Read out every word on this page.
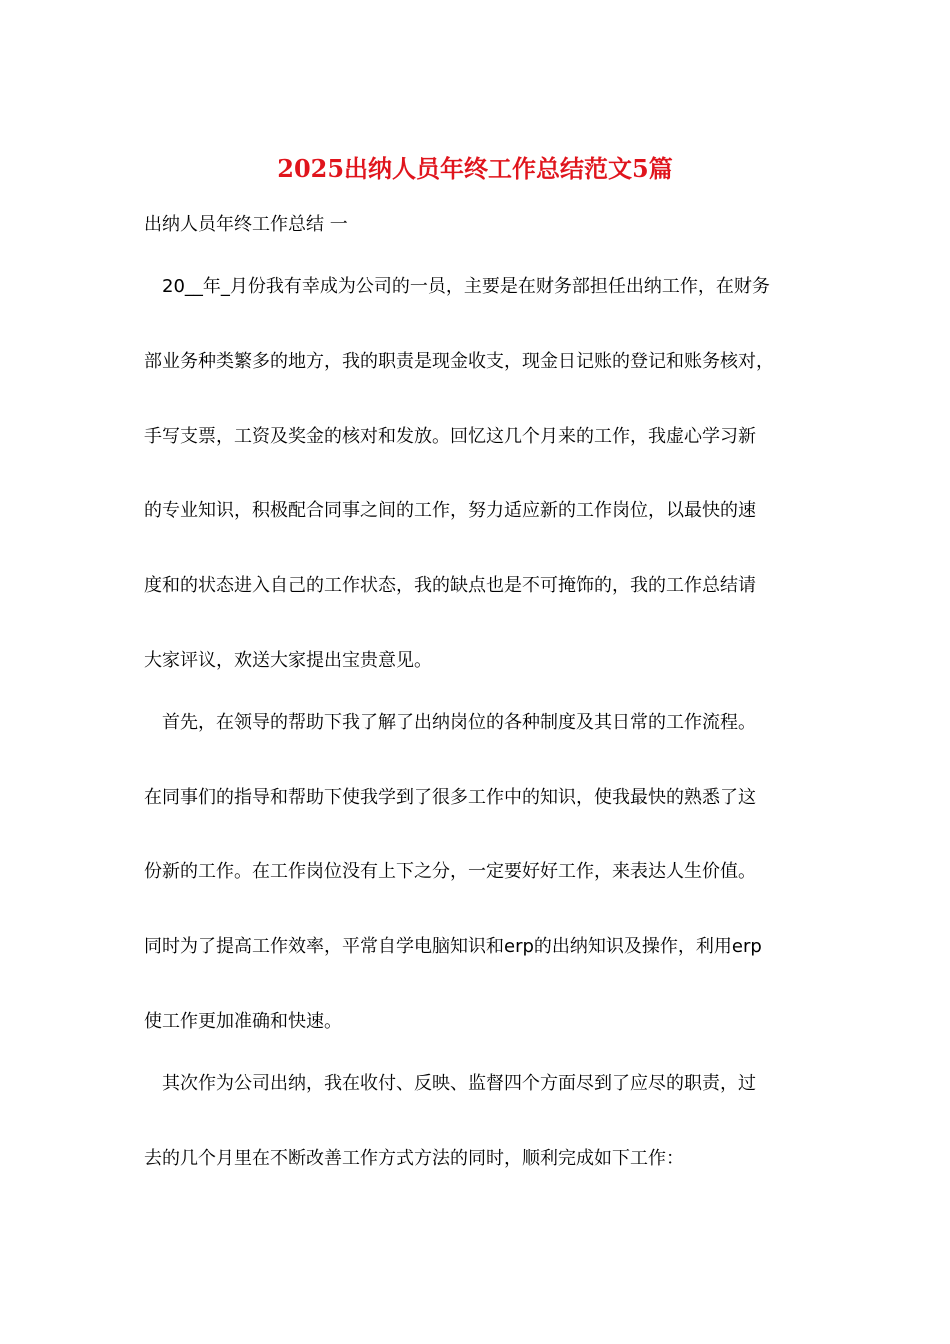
2025出纳人员年终工作总结范文5篇
出纳人员年终工作总结 一
20__年_月份我有幸成为公司的一员，主要是在财务部担任出纳工作，在财务
部业务种类繁多的地方，我的职责是现金收支，现金日记账的登记和账务核对，
手写支票，工资及奖金的核对和发放。回忆这几个月来的工作，我虚心学习新
的专业知识，积极配合同事之间的工作，努力适应新的工作岗位，以最快的速
度和的状态进入自己的工作状态，我的缺点也是不可掩饰的，我的工作总结请
大家评议，欢送大家提出宝贵意见。
首先，在领导的帮助下我了解了出纳岗位的各种制度及其日常的工作流程。
在同事们的指导和帮助下使我学到了很多工作中的知识，使我最快的熟悉了这
份新的工作。在工作岗位没有上下之分，一定要好好工作，来表达人生价值。
同时为了提高工作效率，平常自学电脑知识和erp的出纳知识及操作，利用erp
使工作更加准确和快速。
其次作为公司出纳，我在收付、反映、监督四个方面尽到了应尽的职责，过
去的几个月里在不断改善工作方式方法的同时，顺利完成如下工作：
